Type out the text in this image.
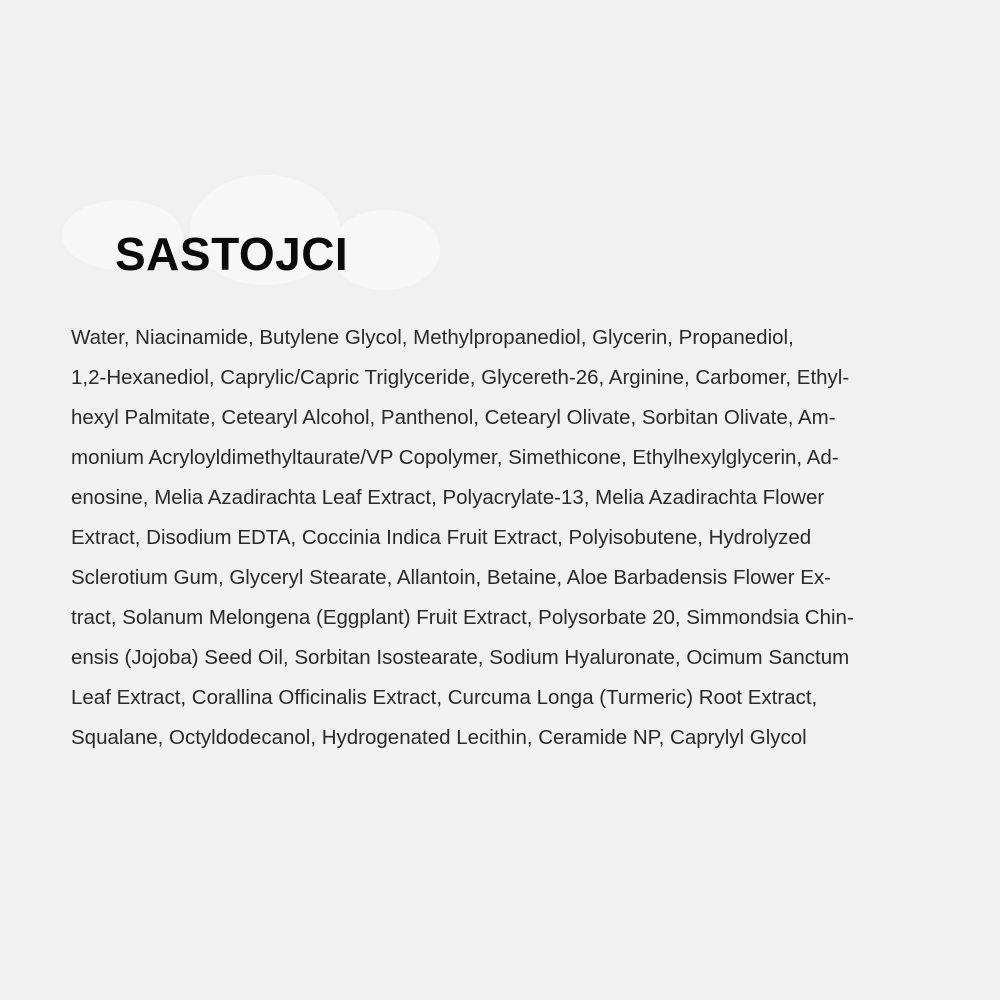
SASTOJCI

Water, Niacinamide, Butylene Glycol, Methylpropanediol, Glycerin, Propanediol,
1,2-Hexanediol, Caprylic/Capric Triglyceride, Glycereth-26, Arginine, Carbomer, Ethyl-
hexyl Palmitate, Cetearyl Alcohol, Panthenol, Cetearyl Olivate, Sorbitan Olivate, Am-
monium Acryloyldimethyltaurate/VP Copolymer, Simethicone, Ethylhexylglycerin, Ad-
enosine, Melia Azadirachta Leaf Extract, Polyacrylate-13, Melia Azadirachta Flower
Extract, Disodium EDTA, Coccinia Indica Fruit Extract, Polyisobutene, Hydrolyzed
Sclerotium Gum, Glyceryl Stearate, Allantoin, Betaine, Aloe Barbadensis Flower Ex-
tract, Solanum Melongena (Eggplant) Fruit Extract, Polysorbate 20, Simmondsia Chin-
ensis (Jojoba) Seed Oil, Sorbitan Isostearate, Sodium Hyaluronate, Ocimum Sanctum
Leaf Extract, Corallina Officinalis Extract, Curcuma Longa (Turmeric) Root Extract,
Squalane, Octyldodecanol, Hydrogenated Lecithin, Ceramide NP, Caprylyl Glycol
